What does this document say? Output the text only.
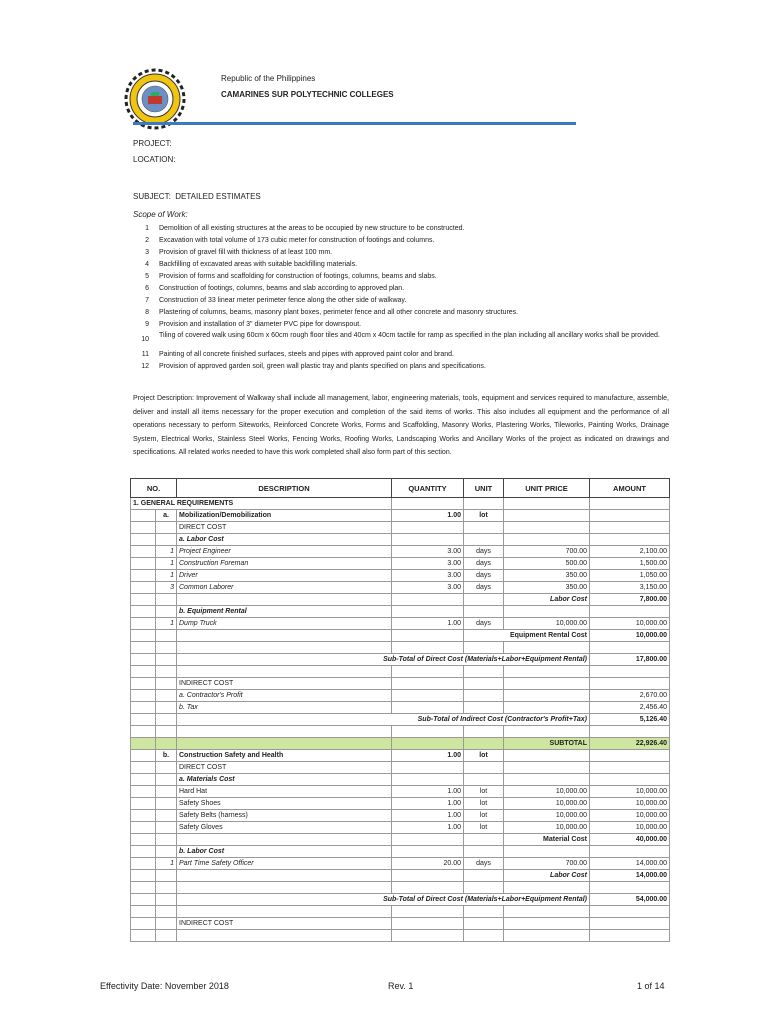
Republic of the Philippines
CAMARINES SUR POLYTECHNIC COLLEGES
PROJECT:
LOCATION:
SUBJECT: DETAILED ESTIMATES
Scope of Work:
1 Demolition of all existing structures at the areas to be occupied by new structure to be constructed.
2 Excavation with total volume of 173 cubic meter for construction of footings and columns.
3 Provision of gravel fill with thickness of at least 100 mm.
4 Backfilling of excavated areas with suitable backfilling materials.
5 Provision of forms and scaffolding for construction of footings, columns, beams and slabs.
6 Construction of footings, columns, beams and slab according to approved plan.
7 Construction of 33 linear meter perimeter fence along the other side of walkway.
8 Plastering of columns, beams, masonry plant boxes, perimeter fence and all other concrete and masonry structures.
9 Provision and installation of 3" diameter PVC pipe for downspout.
10
Tiling of covered walk using 60cm x 60cm rough floor tiles and 40cm x 40cm tactile for ramp as specified in the plan including all ancillary works shall be provided.
11 Painting of all concrete finished surfaces, steels and pipes with approved paint color and brand.
12 Provision of approved garden soil, green wall plastic tray and plants specified on plans and specifications.
Project Description: Improvement of Walkway shall include all management, labor, engineering materials, tools, equipment and services required to manufacture, assemble, deliver and install all items necessary for the proper execution and completion of the said items of works. This also includes all equipment and the performance of all operations necessary to perform Siteworks, Reinforced Concrete Works, Forms and Scaffolding, Masonry Works, Plastering Works, Tileworks, Painting Works, Drainage System, Electrical Works, Stainless Steel Works, Fencing Works, Roofing Works, Landscaping Works and Ancillary Works of the project as indicated on drawings and specifications. All related works needed to have this work completed shall also form part of this section.
NO.		DESCRIPTION	QUANTITY	UNIT	UNIT PRICE	AMOUNT
1. GENERAL REQUIREMENTS						
	a.	Mobilization/Demobilization	1.00	lot		
		DIRECT COST				
		a. Labor Cost				
	1	Project Engineer	3.00	days	700.00	2,100.00
	1	Construction Foreman	3.00	days	500.00	1,500.00
	1	Driver	3.00	days	350.00	1,050.00
	3	Common Laborer	3.00	days	350.00	3,150.00
					Labor Cost	7,800.00
		b. Equipment Rental				
	1	Dump Truck	1.00	days	10,000.00	10,000.00
				Equipment Rental Cost		10,000.00

		Sub-Total of Direct Cost (Materials+Labor+Equipment Rental)				17,800.00

		INDIRECT COST				
		a. Contractor's Profit				2,670.00
		b. Tax				2,456.40
		Sub-Total of Indirect Cost (Contractor's Profit+Tax)				5,126.40

					SUBTOTAL	22,926.40
	b.	Construction Safety and Health	1.00	lot		
		DIRECT COST				
		a. Materials Cost				
		Hard Hat	1.00	lot	10,000.00	10,000.00
		Safety Shoes	1.00	lot	10,000.00	10,000.00
		Safety Belts (harness)	1.00	lot	10,000.00	10,000.00
		Safety Gloves	1.00	lot	10,000.00	10,000.00
					Material Cost	40,000.00
		b. Labor Cost				
	1	Part Time Safety Officer	20.00	days	700.00	14,000.00
					Labor Cost	14,000.00

		Sub-Total of Direct Cost (Materials+Labor+Equipment Rental)				54,000.00

		INDIRECT COST				

Effectivity Date: November 2018	Rev. 1	1 of 14
